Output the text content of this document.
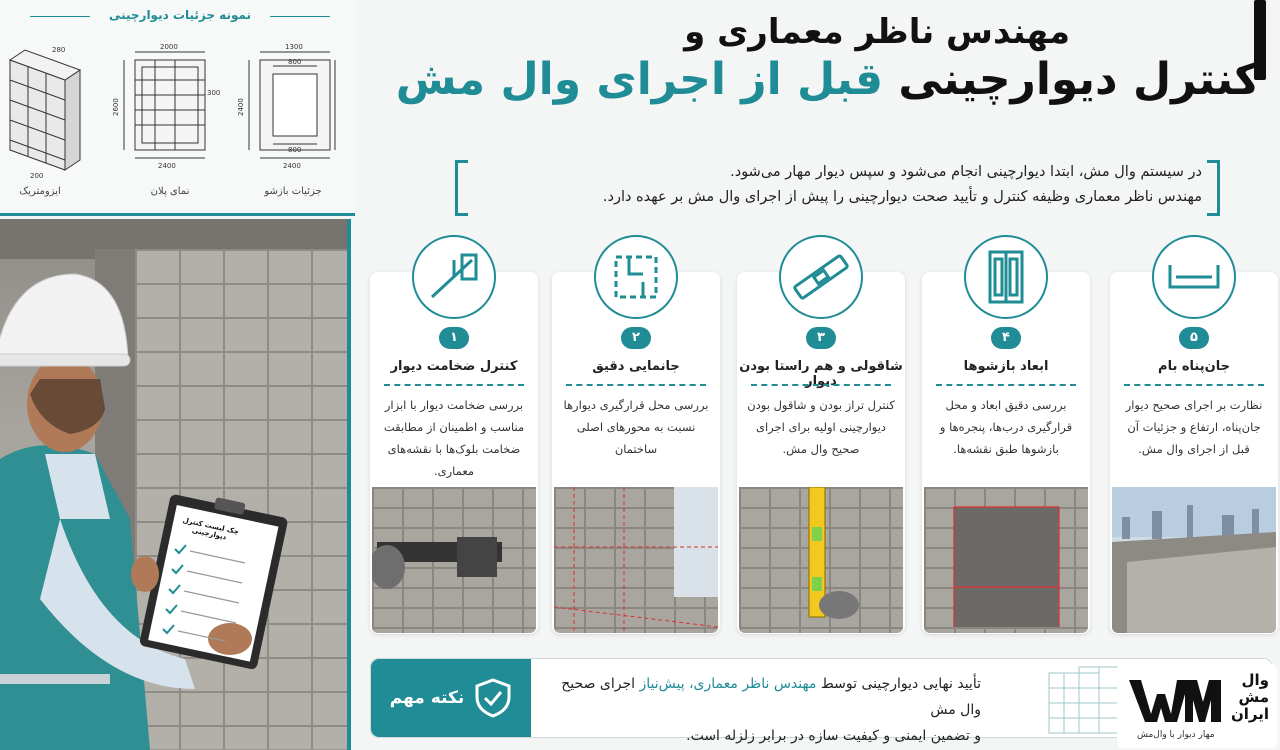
نمونه جزئیات دیوارچینی
280
200
2000
2600
300
2400
1300
800
2400
800
2400
ایزومتریک	نمای پلان	جزئیات بازشو
چک لیست کنترل دیوارچینی
مهندس ناظر معماری و
کنترل دیوارچینی قبل از اجرای وال مش
در سیستم وال مش، ابتدا دیوارچینی انجام می‌شود و سپس دیوار مهار می‌شود.
مهندس ناظر معماری وظیفه کنترل و تأیید صحت دیوارچینی را پیش از اجرای وال مش بر عهده دارد.
کنترل ضخامت دیوار
بررسی ضخامت دیوار با ابزار مناسب و اطمینان از مطابقت ضخامت بلوک‌ها با نقشه‌های معماری.
۱
جانمایی دقیق
بررسی محل قرارگیری دیوارها نسبت به محورهای اصلی ساختمان
۲
شاقولی و هم راستا بودن دیوار
کنترل تراز بودن و شاقول بودن دیوارچینی اولیه برای اجرای صحیح وال مش.
۳
ابعاد بازشوها
بررسی دقیق ابعاد و محل قرارگیری درب‌ها، پنجره‌ها و بازشوها طبق نقشه‌ها.
۴
جان‌پناه بام
نظارت بر اجرای صحیح دیوار جان‌پناه، ارتفاع و جزئیات آن قبل از اجرای وال مش.
۵
نکته مهم
تأیید نهایی دیوارچینی توسط مهندس ناظر معماری، پیش‌نیاز اجرای صحیح وال مش
و تضمین ایمنی و کیفیت سازه در برابر زلزله است.
وال
مش
ایران
مهار دیوار با وال‌مش
